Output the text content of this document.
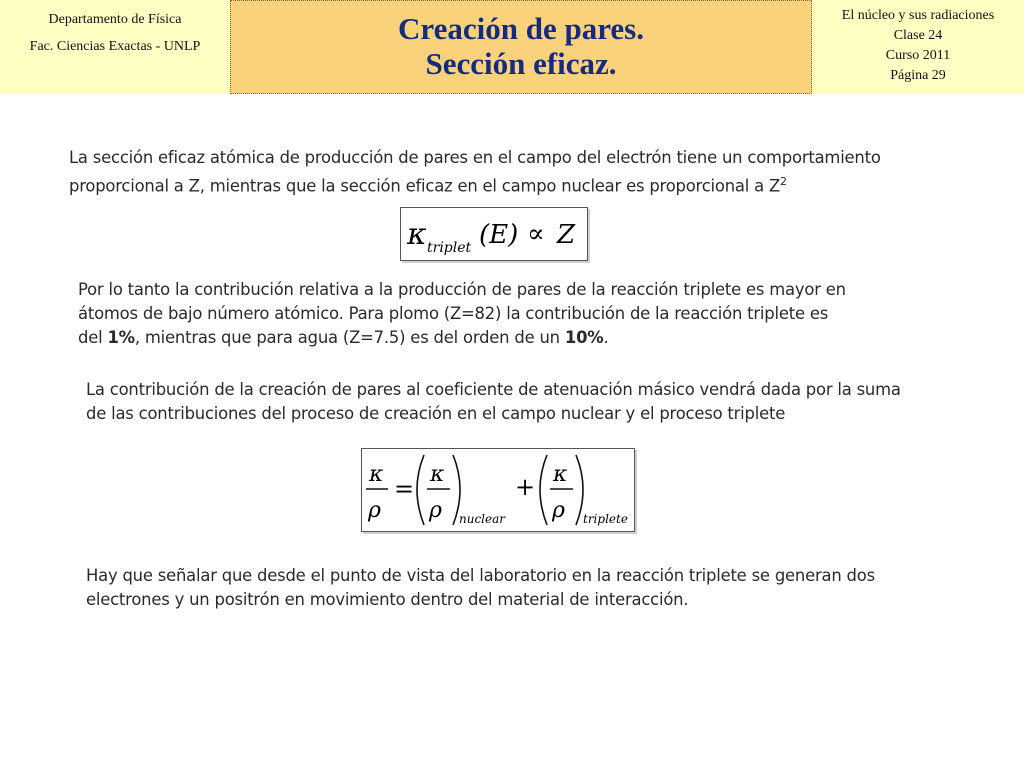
Departamento de Física
Fac. Ciencias Exactas - UNLP
Creación de pares.
Sección eficaz.
El núcleo y sus radiaciones
Clase 24
Curso 2011
Página 29
La sección eficaz atómica de producción de pares en el campo del electrón tiene un comportamiento
proporcional a Z, mientras que la sección eficaz en el campo nuclear es proporcional a $Z^2$
κ triplet (E) ∝ Z
Por lo tanto la contribución relativa a la producción de pares de la reacción triplete es mayor en
átomos de bajo número atómico. Para plomo (Z=82) la contribución de la reacción triplete es
del 1%, mientras que para agua (Z=7.5) es del orden de un 10%.
La contribución de la creación de pares al coeficiente de atenuación másico vendrá dada por la suma
de las contribuciones del proceso de creación en el campo nuclear y el proceso triplete
κ
ρ
=
κ
ρ nuclear
+ κ
ρ triplete
Hay que señalar que desde el punto de vista del laboratorio en la reacción triplete se generan dos
electrones y un positrón en movimiento dentro del material de interacción.
